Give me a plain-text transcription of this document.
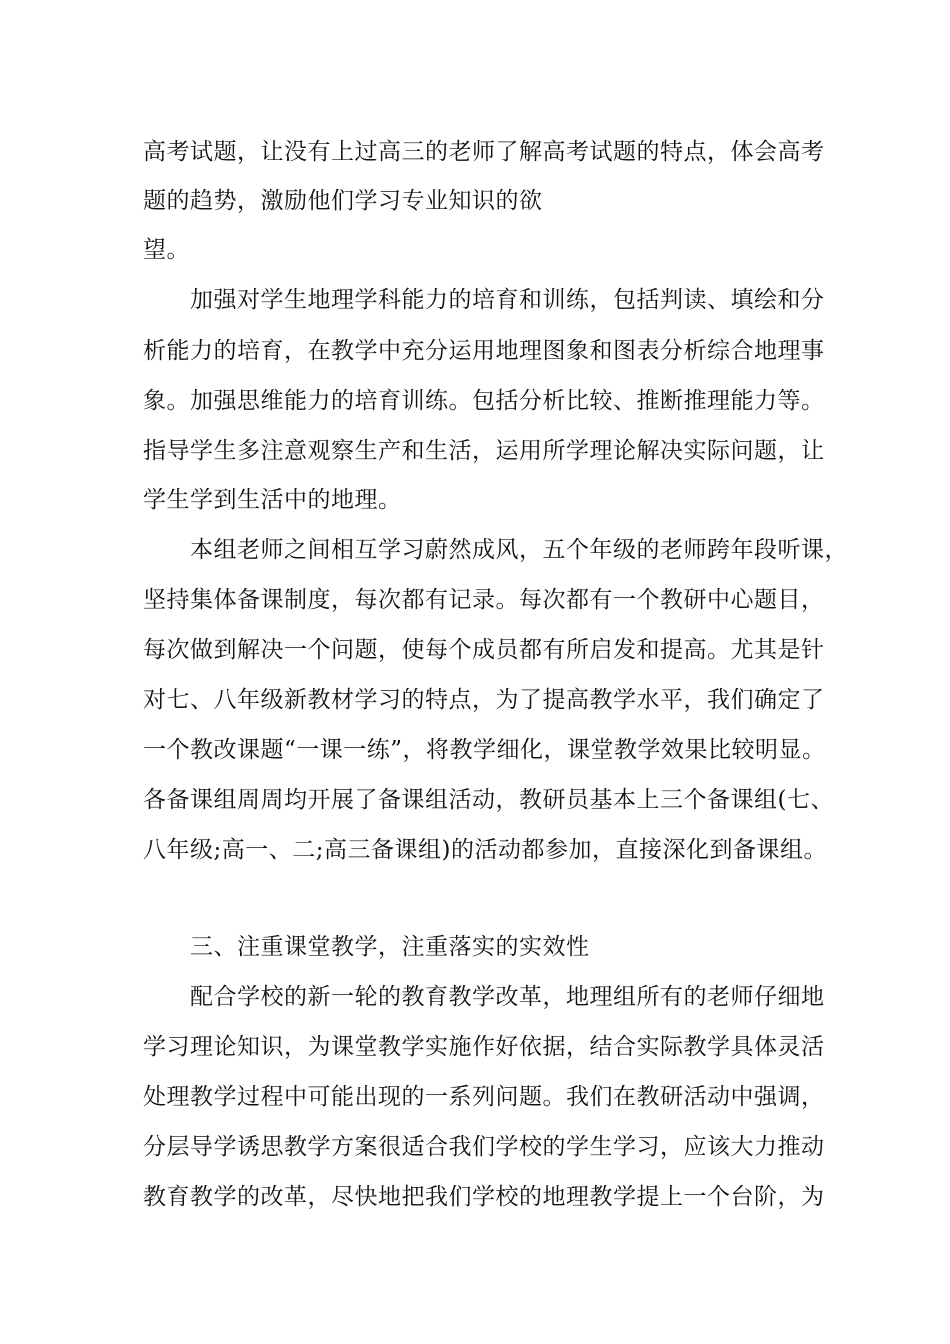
高考试题，让没有上过高三的老师了解高考试题的特点，体会高考
题的趋势，激励他们学习专业知识的欲
望。
加强对学生地理学科能力的培育和训练，包括判读、填绘和分
析能力的培育，在教学中充分运用地理图象和图表分析综合地理事
象。加强思维能力的培育训练。包括分析比较、推断推理能力等。
指导学生多注意观察生产和生活，运用所学理论解决实际问题，让
学生学到生活中的地理。
本组老师之间相互学习蔚然成风，五个年级的老师跨年段听课，
坚持集体备课制度，每次都有记录。每次都有一个教研中心题目，
每次做到解决一个问题，使每个成员都有所启发和提高。尤其是针
对七、八年级新教材学习的特点，为了提高教学水平，我们确定了
一个教改课题“一课一练”，将教学细化，课堂教学效果比较明显。
各备课组周周均开展了备课组活动，教研员基本上三个备课组(七、
八年级;高一、二;高三备课组)的活动都参加，直接深化到备课组。
三、注重课堂教学，注重落实的实效性
配合学校的新一轮的教育教学改革，地理组所有的老师仔细地
学习理论知识，为课堂教学实施作好依据，结合实际教学具体灵活
处理教学过程中可能出现的一系列问题。我们在教研活动中强调，
分层导学诱思教学方案很适合我们学校的学生学习，应该大力推动
教育教学的改革，尽快地把我们学校的地理教学提上一个台阶，为
